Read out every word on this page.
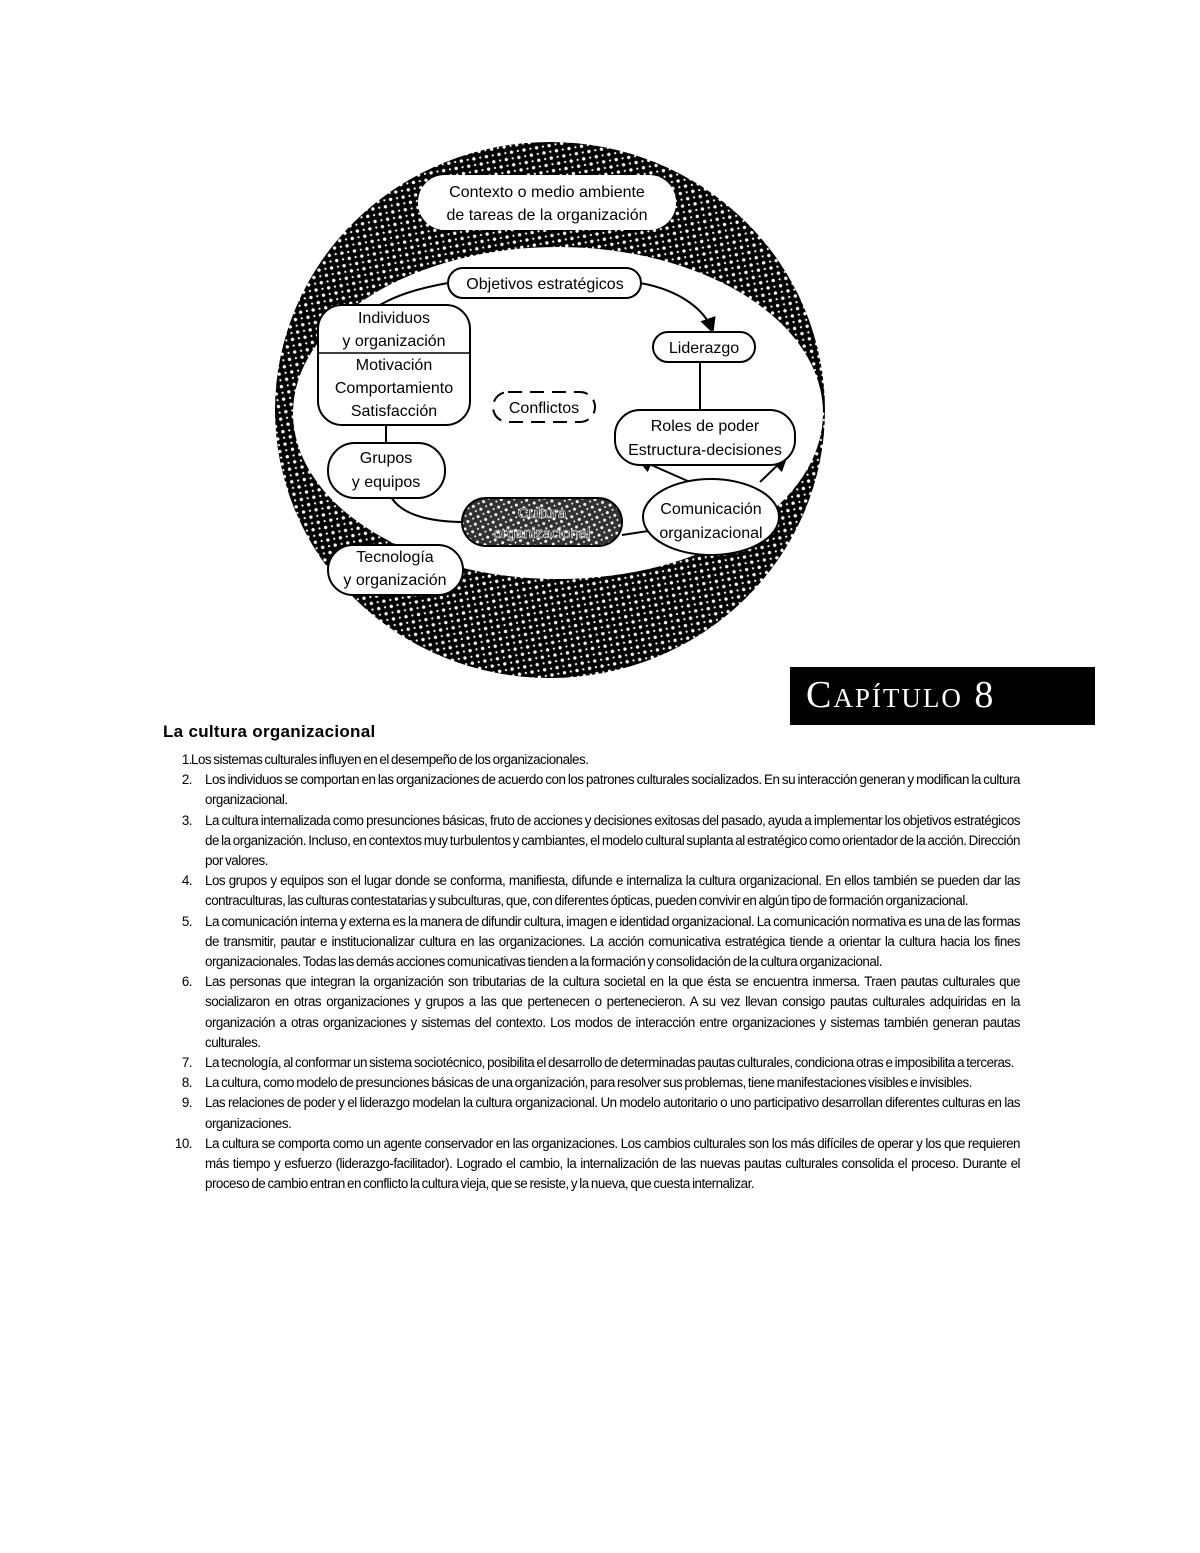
Contexto o medio ambiente
de tareas de la organización
Objetivos estratégicos
Individuos
y organización
Motivación
Comportamiento
Satisfacción
Liderazgo
Conflictos
Roles de poder
Estructura-decisiones
Grupos
y equipos
Comunicación
organizacional
Cultura
organizacional
Tecnología
y organización
Capítulo 8
La cultura organizacional
1. Los sistemas culturales influyen en el desempeño de los organizacionales.
2. Los individuos se comportan en las organizaciones de acuerdo con los patrones culturales socializados. En su interacción generan y modifican la cultura organizacional.
3. La cultura internalizada como presunciones básicas, fruto de acciones y decisiones exitosas del pasado, ayuda a implementar los objetivos estratégicos de la organización. Incluso, en contextos muy turbulentos y cambiantes, el modelo cultural suplanta al estratégico como orientador de la acción. Dirección por valores.
4. Los grupos y equipos son el lugar donde se conforma, manifiesta, difunde e internaliza la cultura organizacional. En ellos también se pueden dar las contraculturas, las culturas contestatarias y subculturas, que, con diferentes ópticas, pueden convivir en algún tipo de formación organizacional.
5. La comunicación interna y externa es la manera de difundir cultura, imagen e identidad organizacional. La comunicación normativa es una de las formas de transmitir, pautar e institucionalizar cultura en las organizaciones. La acción comunicativa estratégica tiende a orientar la cultura hacia los fines organizacionales. Todas las demás acciones comunicativas tienden a la formación y consolidación de la cultura organizacional.
6. Las personas que integran la organización son tributarias de la cultura societal en la que ésta se encuentra inmersa. Traen pautas culturales que socializaron en otras organizaciones y grupos a las que pertenecen o pertenecieron. A su vez llevan consigo pautas culturales adquiridas en la organización a otras organizaciones y sistemas del contexto. Los modos de interacción entre organizaciones y sistemas también generan pautas culturales.
7. La tecnología, al conformar un sistema sociotécnico, posibilita el desarrollo de determinadas pautas culturales, condiciona otras e imposibilita a terceras.
8. La cultura, como modelo de presunciones básicas de una organización, para resolver sus problemas, tiene manifestaciones visibles e invisibles.
9. Las relaciones de poder y el liderazgo modelan la cultura organizacional. Un modelo autoritario o uno participativo desarrollan diferentes culturas en las organizaciones.
10. La cultura se comporta como un agente conservador en las organizaciones. Los cambios culturales son los más difíciles de operar y los que requieren más tiempo y esfuerzo (liderazgo-facilitador). Logrado el cambio, la internalización de las nuevas pautas culturales consolida el proceso. Durante el proceso de cambio entran en conflicto la cultura vieja, que se resiste, y la nueva, que cuesta internalizar.
